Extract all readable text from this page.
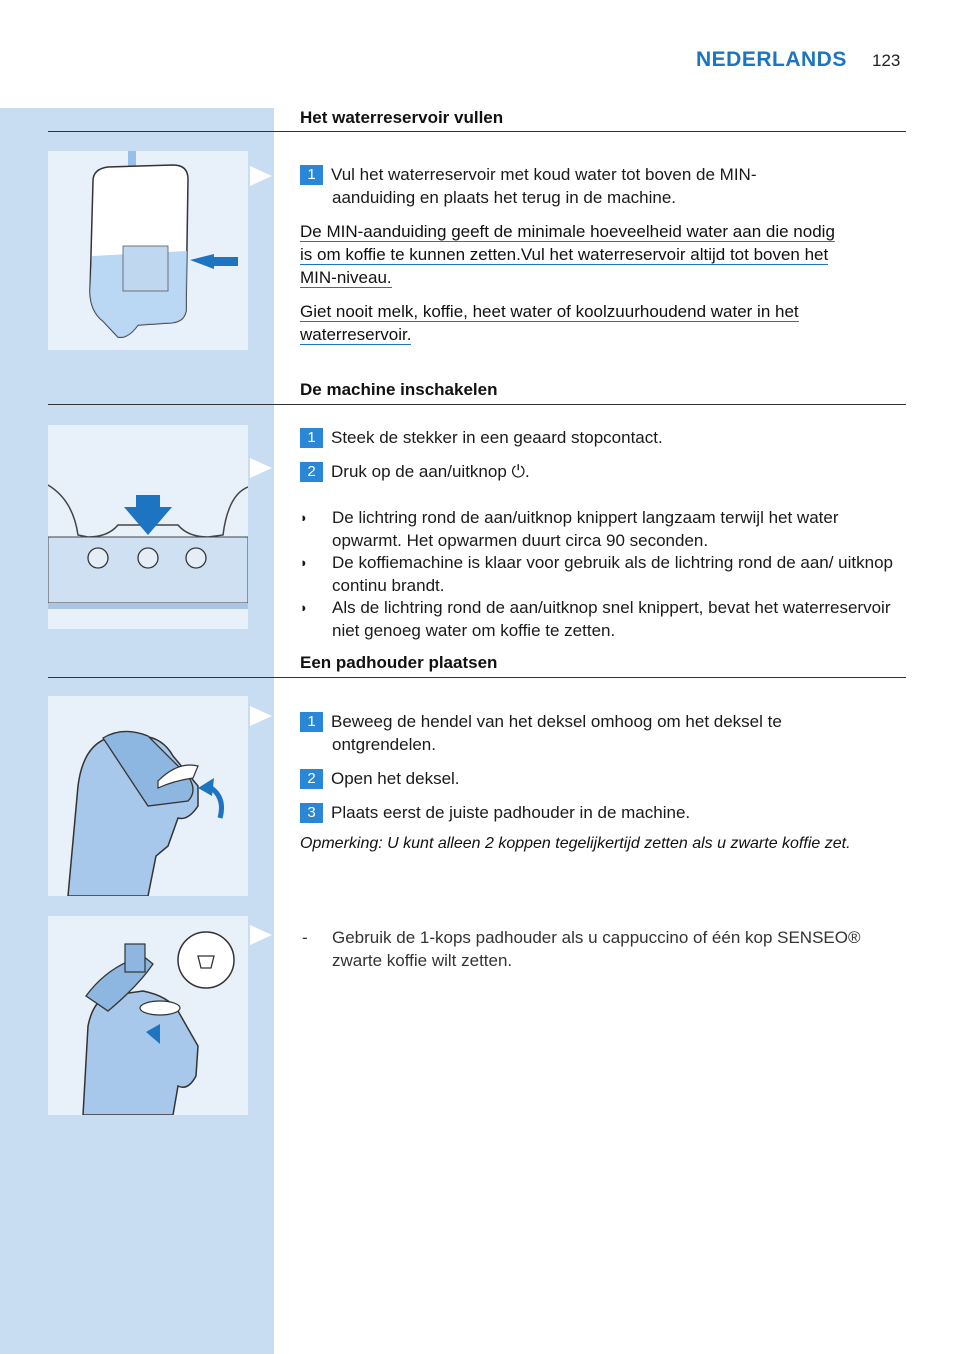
NEDERLANDS 123
Het waterreservoir vullen
1 Vul het waterreservoir met koud water tot boven de MIN-
aanduiding en plaats het terug in de machine.
De MIN-aanduiding geeft de minimale hoeveelheid water aan die nodig
is om koffie te kunnen zetten.Vul het waterreservoir altijd tot boven het
MIN-niveau.
Giet nooit melk, koffie, heet water of koolzuurhoudend water in het
waterreservoir.
De machine inschakelen
1 Steek de stekker in een geaard stopcontact.
2 Druk op de aan/uitknop ⏻.
◗ De lichtring rond de aan/uitknop knippert langzaam terwijl het water opwarmt. Het opwarmen duurt circa 90 seconden.
◗ De koffiemachine is klaar voor gebruik als de lichtring rond de aan/ uitknop continu brandt.
◗ Als de lichtring rond de aan/uitknop snel knippert, bevat het waterreservoir niet genoeg water om koffie te zetten.
Een padhouder plaatsen
1 Beweeg de hendel van het deksel omhoog om het deksel te
ontgrendelen.
2 Open het deksel.
3 Plaats eerst de juiste padhouder in de machine.
Opmerking: U kunt alleen 2 koppen tegelijkertijd zetten als u zwarte koffie zet.
- Gebruik de 1-kops padhouder als u cappuccino of één kop SENSEO® zwarte koffie wilt zetten.
